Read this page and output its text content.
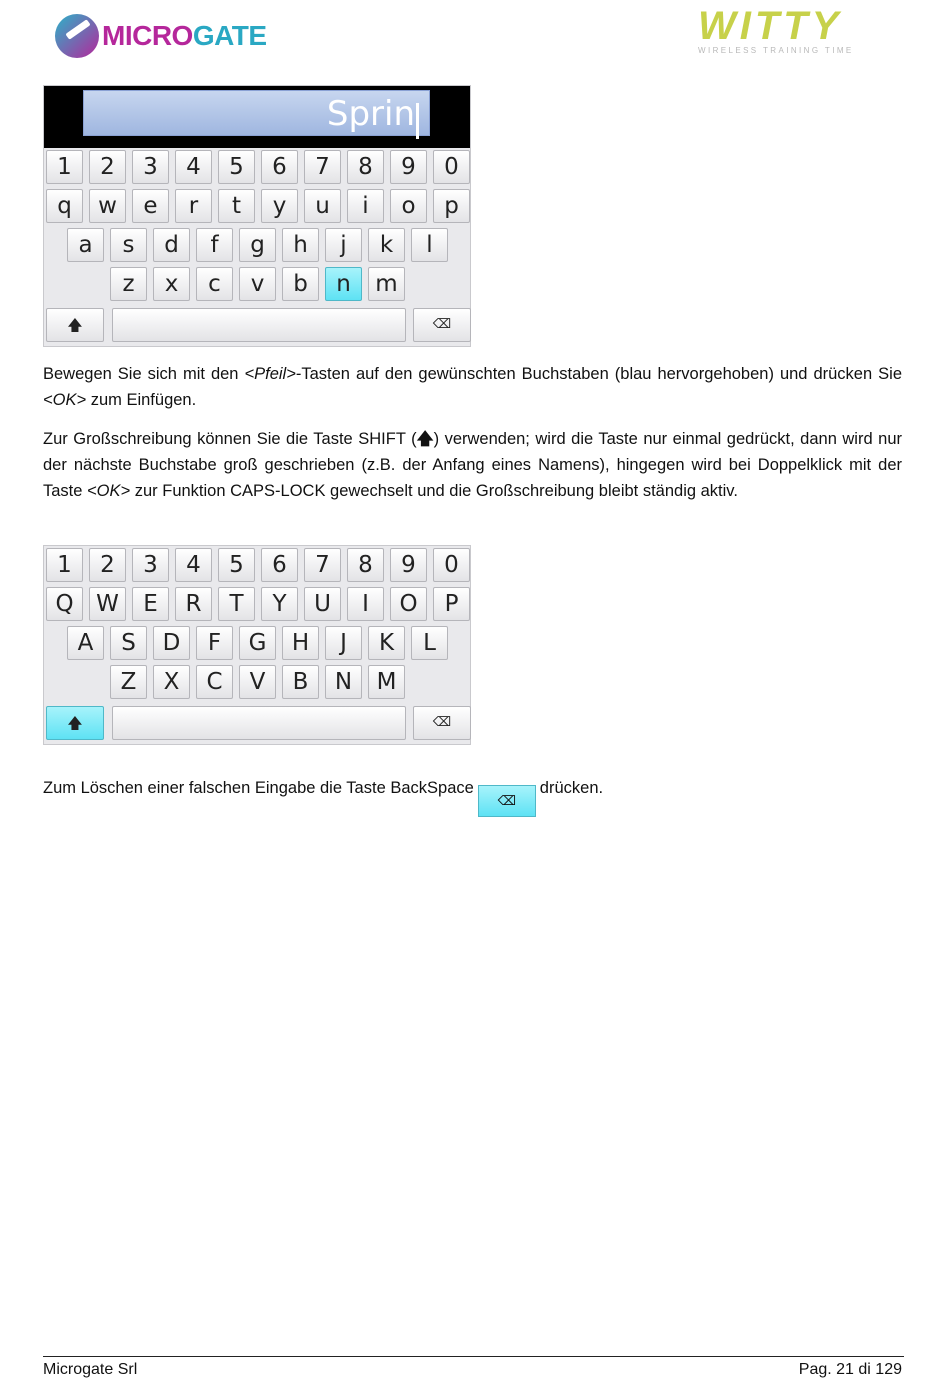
MICROGATE	WITTY
WIRELESS TRAINING TIME
Sprin
1	2	3	4	5	6	7	8	9	0
q	w	e	r	t	y	u	i	o	p
a	s	d	f	g	h	j	k	l
z	x	c	v	b	n	m
🡅	⌫
Bewegen Sie sich mit den <Pfeil>-Tasten auf den gewünschten Buchstaben (blau hervorgehoben) und drücken Sie <OK> zum Einfügen.
Zur Großschreibung können Sie die Taste SHIFT (🡅) verwenden; wird die Taste nur einmal gedrückt, dann wird nur der nächste Buchstabe groß geschrieben (z.B. der Anfang eines Namens), hingegen wird bei Doppelklick mit der Taste <OK> zur Funktion CAPS-LOCK gewechselt und die Großschreibung bleibt ständig aktiv.
1	2	3	4	5	6	7	8	9	0
Q W	E	R	T	Y	U	I	O	P
A	S	D	F	G	H	J	K	L
Z	X	C	V	B	N	M
🡅	⌫
Zum Löschen einer falschen Eingabe die Taste BackSpace⌫drücken.
Microgate Srl	Pag. 21 di 129
